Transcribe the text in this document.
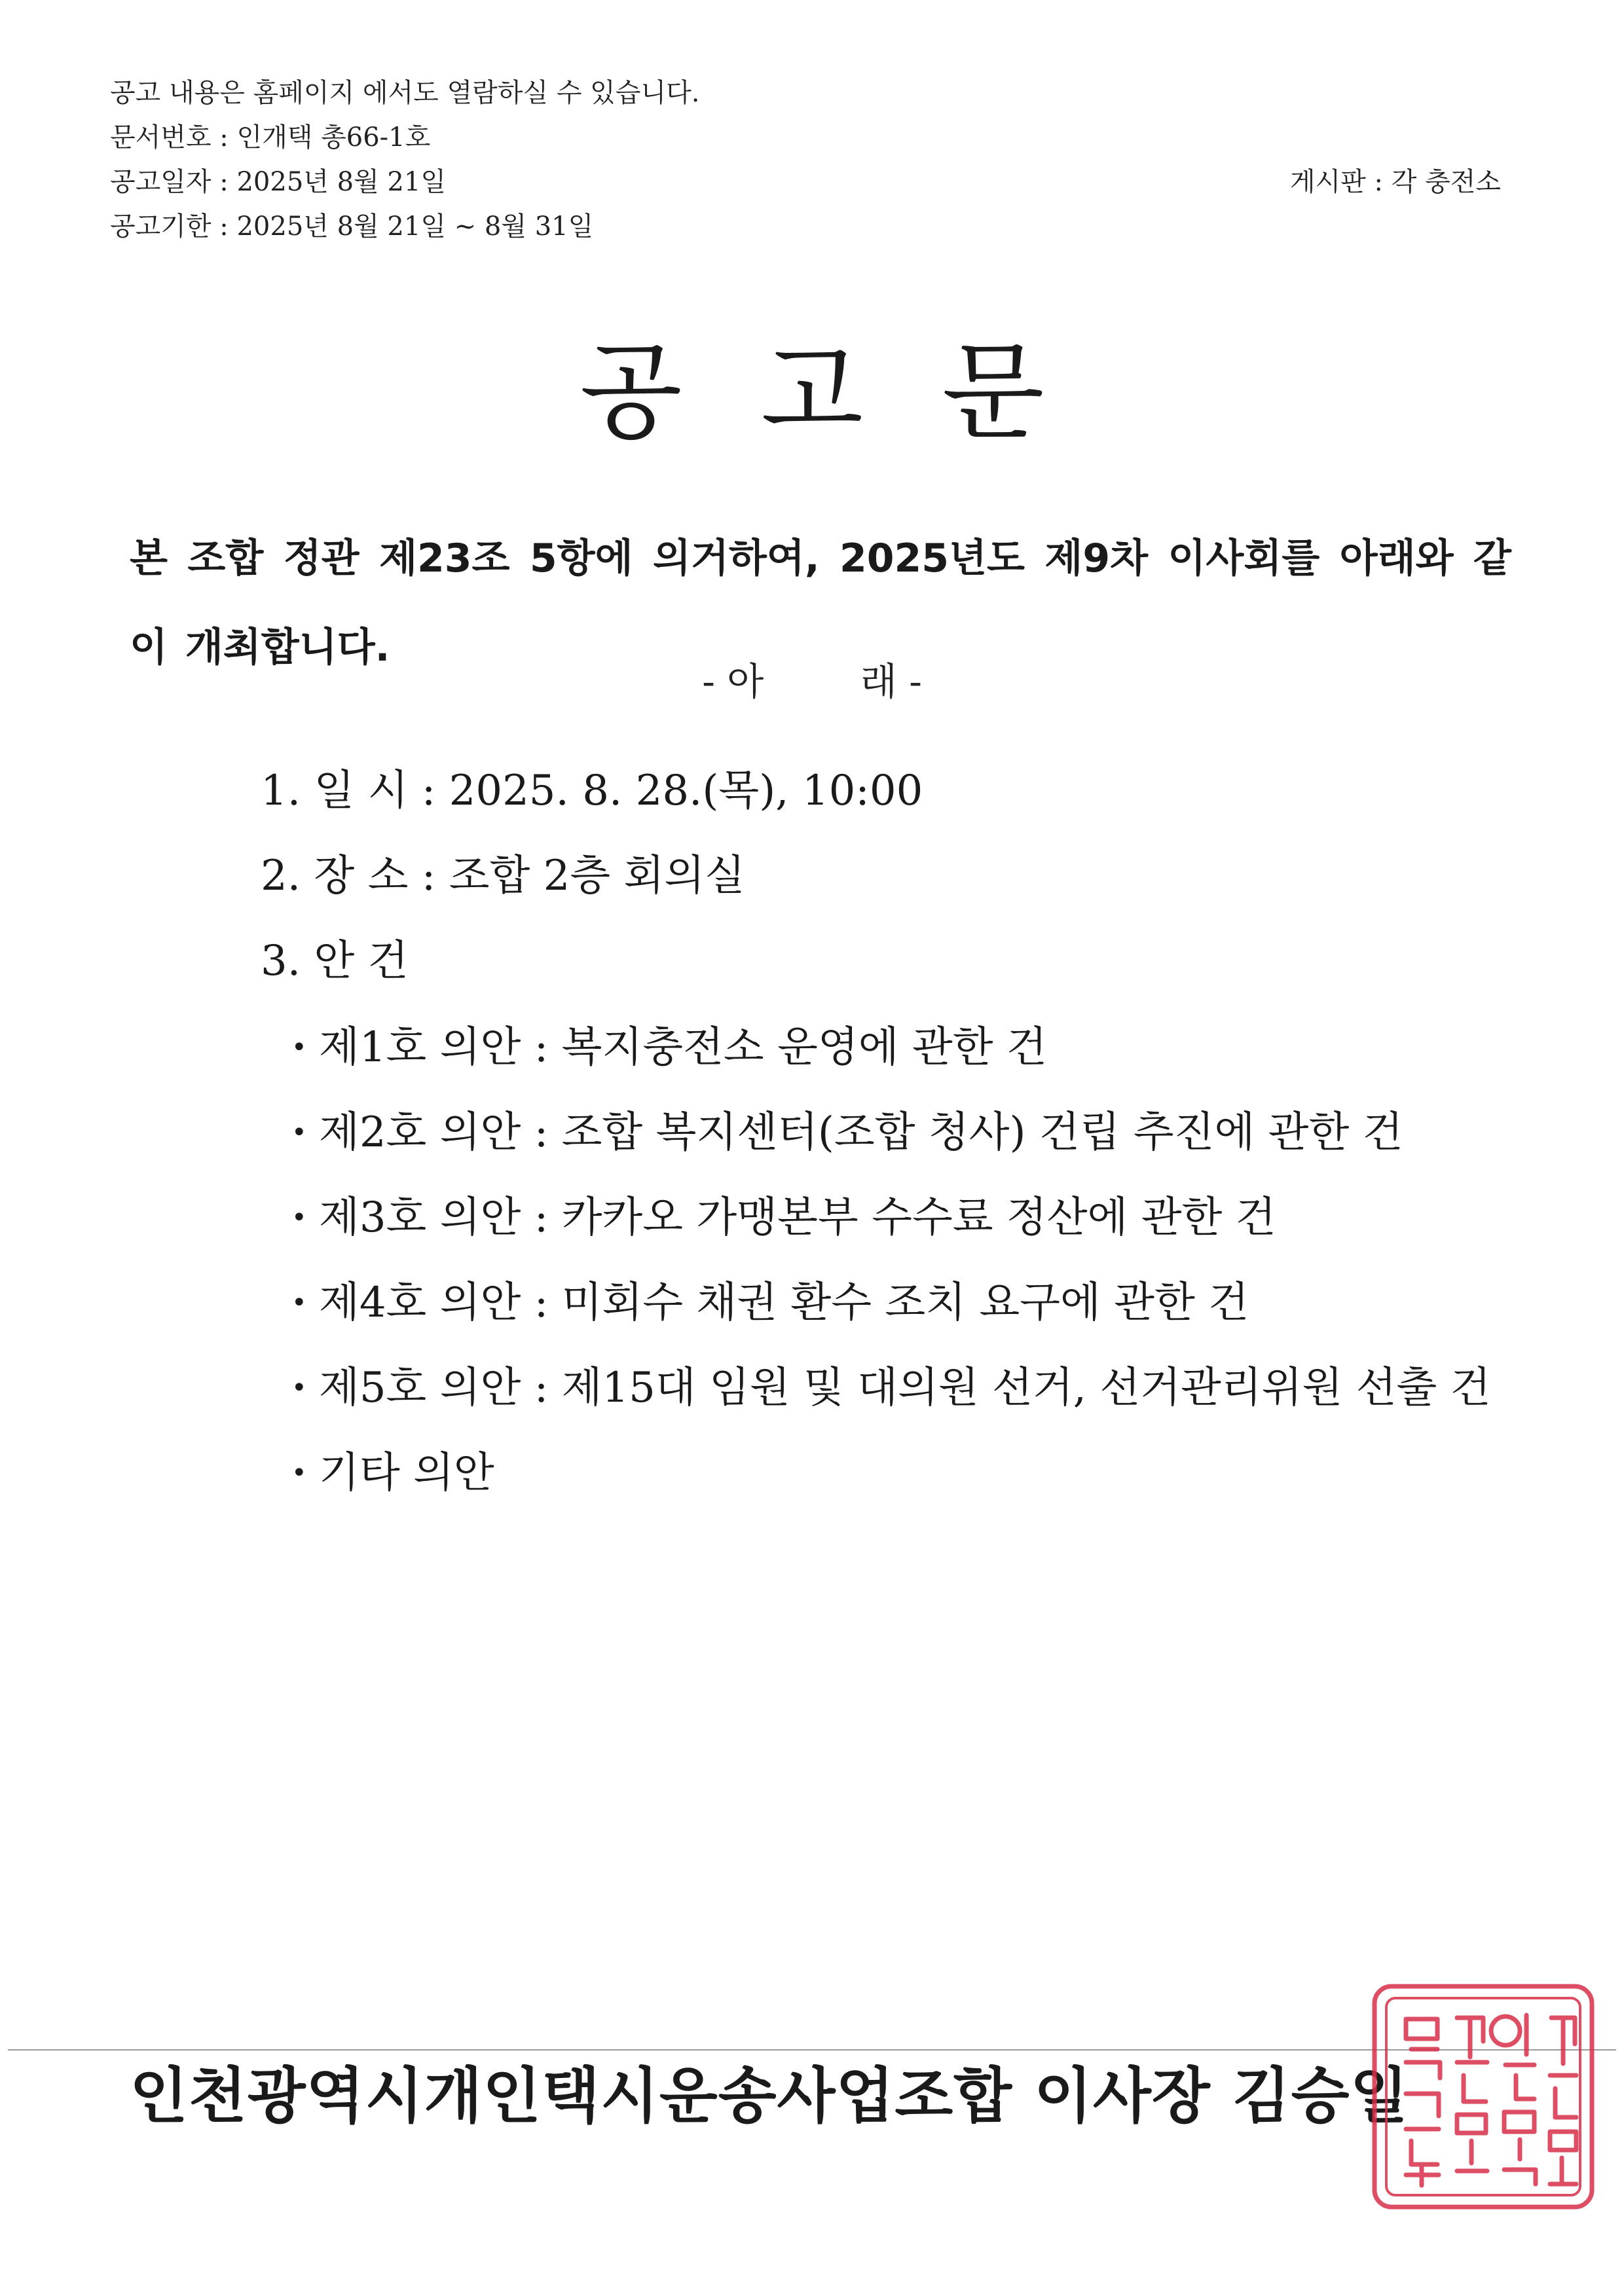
공고 내용은 홈페이지 에서도 열람하실 수 있습니다.
문서번호 : 인개택 총66-1호
공고일자 : 2025년 8월 21일
공고기한 : 2025년 8월 21일 ~ 8월 31일
게시판 : 각 충전소
공고문
본 조합 정관 제23조 5항에 의거하여, 2025년도 제9차 이사회를 아래와 같이 개최합니다.
- 아        래 -
1. 일 시 : 2025. 8. 28.(목), 10:00
2. 장 소 : 조합 2층 회의실
3. 안 건
• 제1호 의안 : 복지충전소 운영에 관한 건
• 제2호 의안 : 조합 복지센터(조합 청사) 건립 추진에 관한 건
• 제3호 의안 : 카카오 가맹본부 수수료 정산에 관한 건
• 제4호 의안 : 미회수 채권 환수 조치 요구에 관한 건
• 제5호 의안 : 제15대 임원 및 대의원 선거, 선거관리위원 선출 건
• 기타 의안
인천광역시개인택시운송사업조합 이사장 김승일
